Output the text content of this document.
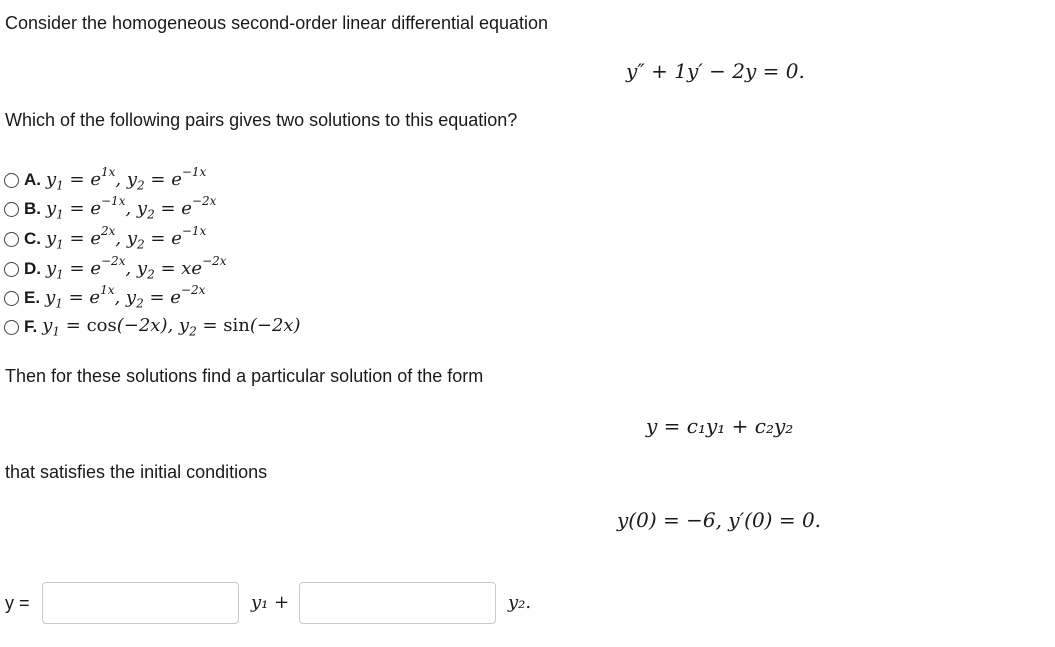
Consider the homogeneous second-order linear differential equation
y″ + 1y′ − 2y = 0.
Which of the following pairs gives two solutions to this equation?
A. $y_1 = e^{1x}$, $y_2 = e^{-1x}$
B. $y_1 = e^{-1x}$, $y_2 = e^{-2x}$
C. $y_1 = e^{2x}$, $y_2 = e^{-1x}$
D. $y_1 = e^{-2x}$, $y_2 = xe^{-2x}$
E. $y_1 = e^{1x}$, $y_2 = e^{-2x}$
F. $y_1 = \cos(-2x)$, $y_2 = \sin(-2x)$
Then for these solutions find a particular solution of the form
y = c₁y₁ + c₂y₂
that satisfies the initial conditions
y(0) = −6, y′(0) = 0.
y =	y₁ +	y₂.
